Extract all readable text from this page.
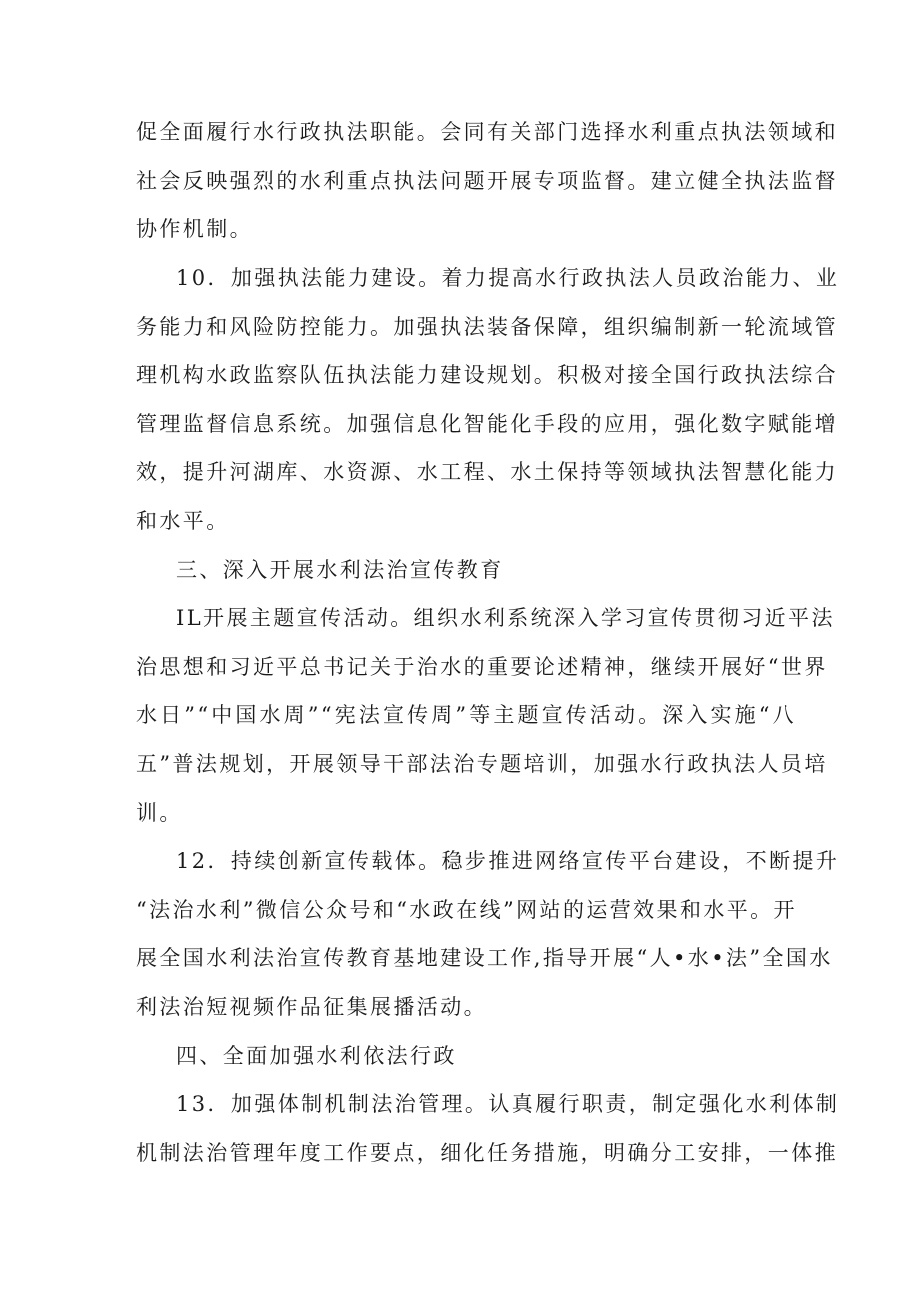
促全面履行水行政执法职能。会同有关部门选择水利重点执法领域和
社会反映强烈的水利重点执法问题开展专项监督。建立健全执法监督
协作机制。
10．加强执法能力建设。着力提高水行政执法人员政治能力、业
务能力和风险防控能力。加强执法装备保障，组织编制新一轮流域管
理机构水政监察队伍执法能力建设规划。积极对接全国行政执法综合
管理监督信息系统。加强信息化智能化手段的应用，强化数字赋能增
效，提升河湖库、水资源、水工程、水土保持等领域执法智慧化能力
和水平。
三、深入开展水利法治宣传教育
IL开展主题宣传活动。组织水利系统深入学习宣传贯彻习近平法
治思想和习近平总书记关于治水的重要论述精神，继续开展好“世界
水日”“中国水周”“宪法宣传周”等主题宣传活动。深入实施“八
五”普法规划，开展领导干部法治专题培训，加强水行政执法人员培
训。
12．持续创新宣传载体。稳步推进网络宣传平台建设，不断提升
“法治水利”微信公众号和“水政在线”网站的运营效果和水平。开
展全国水利法治宣传教育基地建设工作,指导开展“人•水•法”全国水
利法治短视频作品征集展播活动。
四、全面加强水利依法行政
13．加强体制机制法治管理。认真履行职责，制定强化水利体制
机制法治管理年度工作要点，细化任务措施，明确分工安排，一体推
